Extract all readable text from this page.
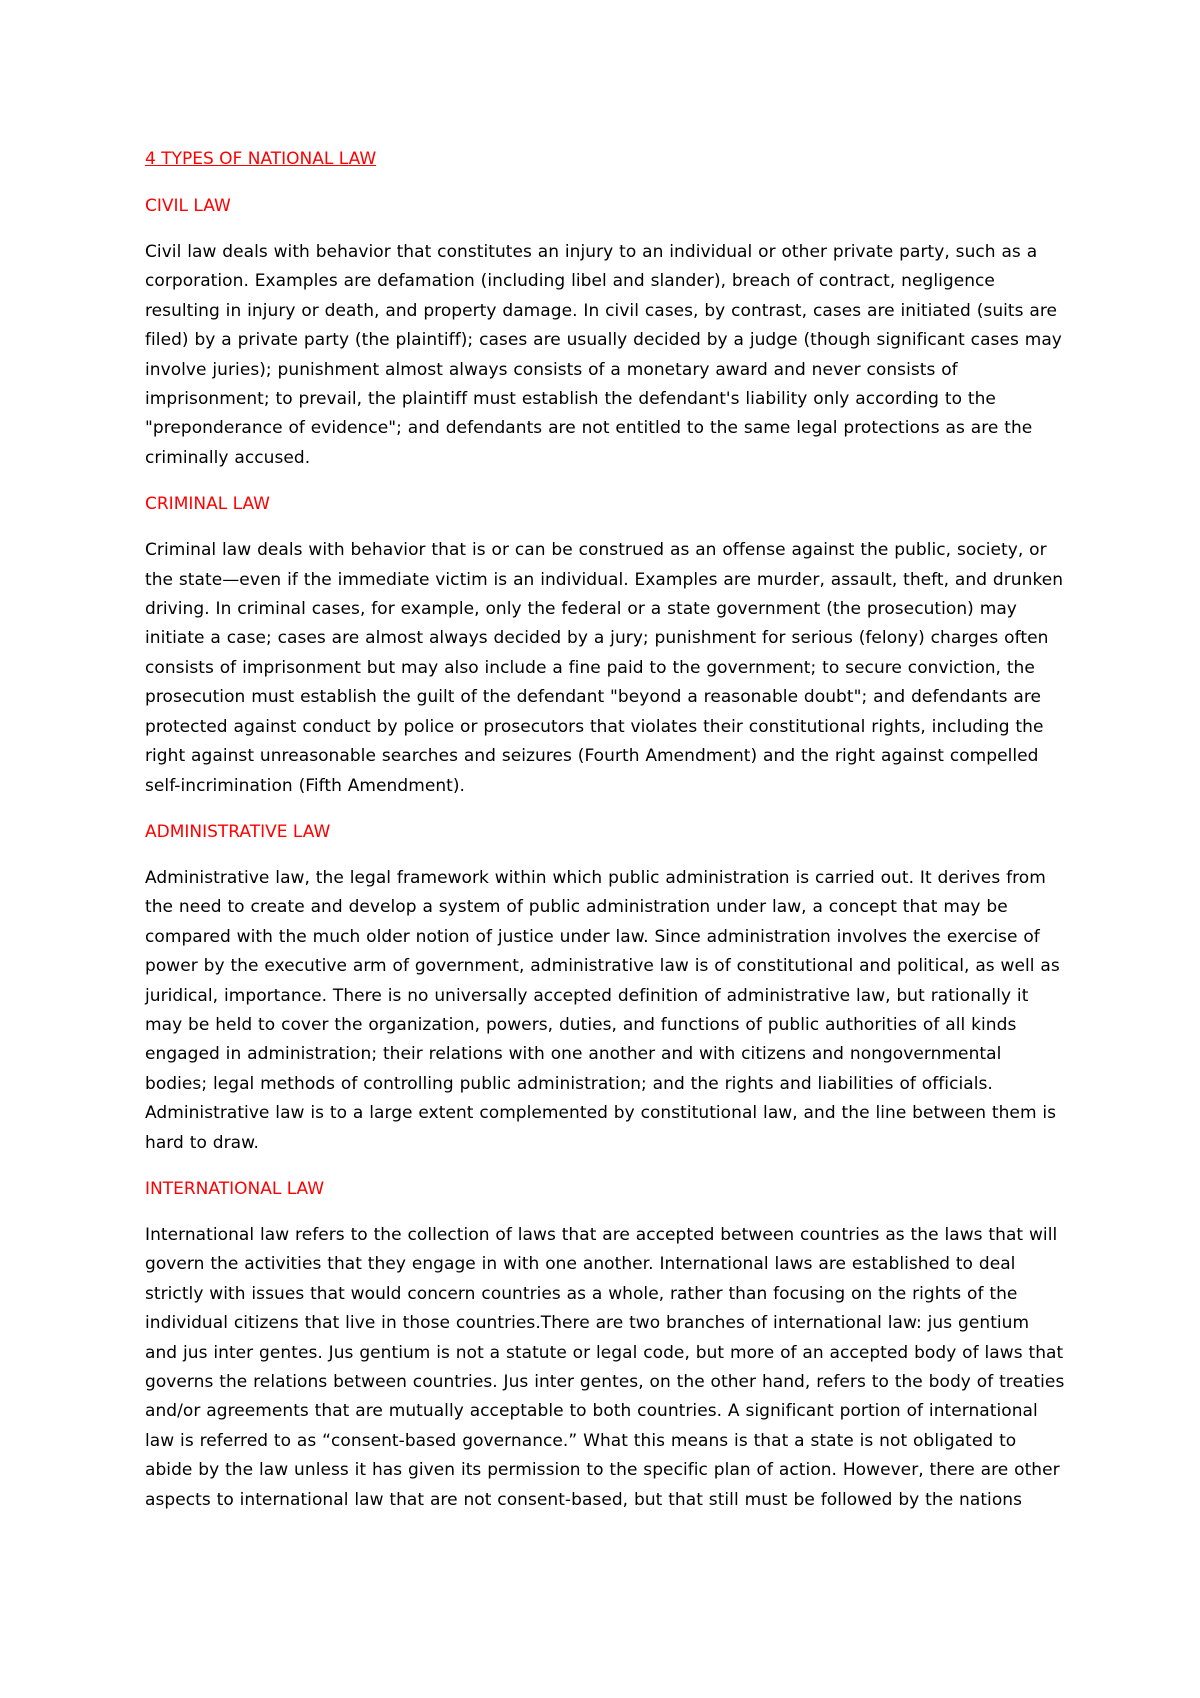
4 TYPES OF NATIONAL LAW
CIVIL LAW
Civil law deals with behavior that constitutes an injury to an individual or other private party, such as a corporation. Examples are defamation (including libel and slander), breach of contract, negligence resulting in injury or death, and property damage. In civil cases, by contrast, cases are initiated (suits are filed) by a private party (the plaintiff); cases are usually decided by a judge (though significant cases may involve juries); punishment almost always consists of a monetary award and never consists of imprisonment; to prevail, the plaintiff must establish the defendant's liability only according to the "preponderance of evidence"; and defendants are not entitled to the same legal protections as are the criminally accused.
CRIMINAL LAW
Criminal law deals with behavior that is or can be construed as an offense against the public, society, or the state—even if the immediate victim is an individual. Examples are murder, assault, theft, and drunken driving. In criminal cases, for example, only the federal or a state government (the prosecution) may initiate a case; cases are almost always decided by a jury; punishment for serious (felony) charges often consists of imprisonment but may also include a fine paid to the government; to secure conviction, the prosecution must establish the guilt of the defendant "beyond a reasonable doubt"; and defendants are protected against conduct by police or prosecutors that violates their constitutional rights, including the right against unreasonable searches and seizures (Fourth Amendment) and the right against compelled self-incrimination (Fifth Amendment).
ADMINISTRATIVE LAW
Administrative law, the legal framework within which public administration is carried out. It derives from the need to create and develop a system of public administration under law, a concept that may be compared with the much older notion of justice under law. Since administration involves the exercise of power by the executive arm of government, administrative law is of constitutional and political, as well as juridical, importance. There is no universally accepted definition of administrative law, but rationally it may be held to cover the organization, powers, duties, and functions of public authorities of all kinds engaged in administration; their relations with one another and with citizens and nongovernmental bodies; legal methods of controlling public administration; and the rights and liabilities of officials. Administrative law is to a large extent complemented by constitutional law, and the line between them is hard to draw.
INTERNATIONAL LAW
International law refers to the collection of laws that are accepted between countries as the laws that will govern the activities that they engage in with one another. International laws are established to deal strictly with issues that would concern countries as a whole, rather than focusing on the rights of the individual citizens that live in those countries.There are two branches of international law: jus gentium and jus inter gentes. Jus gentium is not a statute or legal code, but more of an accepted body of laws that governs the relations between countries. Jus inter gentes, on the other hand, refers to the body of treaties and/or agreements that are mutually acceptable to both countries. A significant portion of international law is referred to as “consent-based governance.” What this means is that a state is not obligated to abide by the law unless it has given its permission to the specific plan of action. However, there are other aspects to international law that are not consent-based, but that still must be followed by the nations
